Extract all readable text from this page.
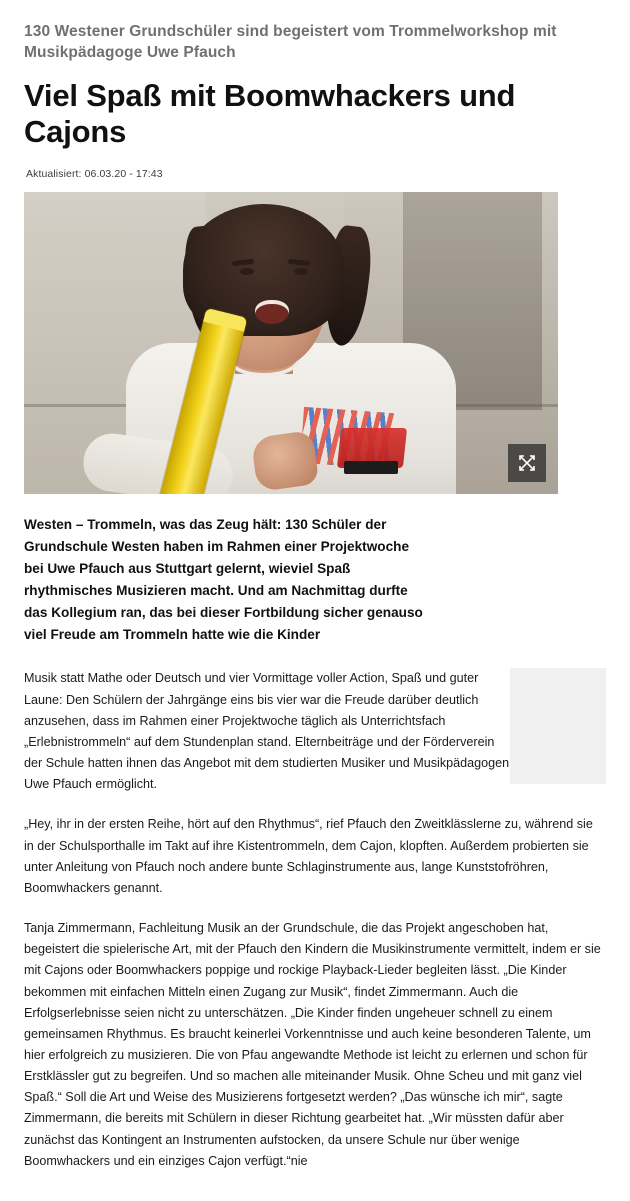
130 Westener Grundschüler sind begeistert vom Trommelworkshop mit Musikpädagoge Uwe Pfauch
Viel Spaß mit Boomwhackers und Cajons
Aktualisiert: 06.03.20 - 17:43
Westen – Trommeln, was das Zeug hält: 130 Schüler der Grundschule Westen haben im Rahmen einer Projektwoche bei Uwe Pfauch aus Stuttgart gelernt, wieviel Spaß rhythmisches Musizieren macht. Und am Nachmittag durfte das Kollegium ran, das bei dieser Fortbildung sicher genauso viel Freude am Trommeln hatte wie die Kinder

Musik statt Mathe oder Deutsch und vier Vormittage voller Action, Spaß und guter Laune: Den Schülern der Jahrgänge eins bis vier war die Freude darüber deutlich anzusehen, dass im Rahmen einer Projektwoche täglich als Unterrichtsfach „Erlebnistrommeln“ auf dem Stundenplan stand. Elternbeiträge und der Förderverein der Schule hatten ihnen das Angebot mit dem studierten Musiker und Musikpädagogen Uwe Pfauch ermöglicht.

„Hey, ihr in der ersten Reihe, hört auf den Rhythmus“, rief Pfauch den Zweitklässlerne zu, während sie in der Schulsporthalle im Takt auf ihre Kistentrommeln, dem Cajon, klopften. Außerdem probierten sie unter Anleitung von Pfauch noch andere bunte Schlaginstrumente aus, lange Kunststofröhren, Boomwhackers genannt.

Tanja Zimmermann, Fachleitung Musik an der Grundschule, die das Projekt angeschoben hat, begeistert die spielerische Art, mit der Pfauch den Kindern die Musikinstrumente vermittelt, indem er sie mit Cajons oder Boomwhackers poppige und rockige Playback-Lieder begleiten lässt. „Die Kinder bekommen mit einfachen Mitteln einen Zugang zur Musik“, findet Zimmermann. Auch die Erfolgserlebnisse seien nicht zu unterschätzen. „Die Kinder finden ungeheuer schnell zu einem gemeinsamen Rhythmus. Es braucht keinerlei Vorkenntnisse und auch keine besonderen Talente, um hier erfolgreich zu musizieren. Die von Pfau angewandte Methode ist leicht zu erlernen und schon für Erstklässler gut zu begreifen. Und so machen alle miteinander Musik. Ohne Scheu und mit ganz viel Spaß.“ Soll die Art und Weise des Musizierens fortgesetzt werden? „Das wünsche ich mir“, sagte Zimmermann, die bereits mit Schülern in dieser Richtung gearbeitet hat. „Wir müssten dafür aber zunächst das Kontingent an Instrumenten aufstocken, da unsere Schule nur über wenige Boomwhackers und ein einziges Cajon verfügt.“nie
